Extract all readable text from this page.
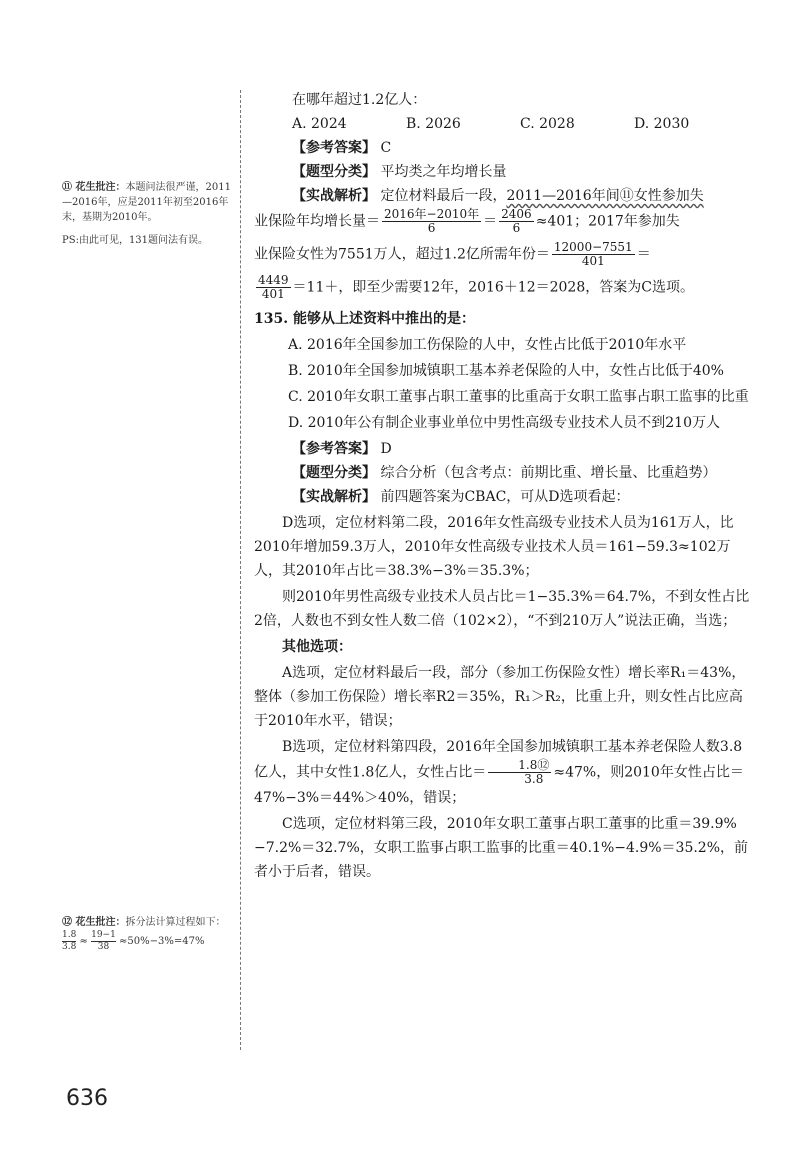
⑪ 花生批注：本题问法很严谨，2011—2016年，应是2011年初至2016年末，基期为2010年。
PS:由此可见，131题问法有误。
⑫ 花生批注：拆分法计算过程如下：

$\frac{1.8}{3.8} \approx \frac{19-1}{38} \approx 50\%-3\%=47\%$
在哪年超过1.2亿人：
A. 2024	B. 2026	C. 2028	D. 2030
【参考答案】 C
【题型分类】 平均类之年均增长量
【实战解析】 定位材料最后一段，2011—2016年间⑪女性参加失
业保险年均增长量＝ $\frac{\text{2016年−2010年}}{6} = \frac{2406}{6} \approx 401$；2017年参加失
业保险女性为7551万人，超过1.2亿所需年份＝ $\frac{12000-7551}{401}$ ＝
$\frac{4449}{401} =11+$，即至少需要12年，2016＋12＝2028，答案为C选项。
135. 能够从上述资料中推出的是：
A. 2016年全国参加工伤保险的人中，女性占比低于2010年水平
B. 2010年全国参加城镇职工基本养老保险的人中，女性占比低于40%
C. 2010年女职工董事占职工董事的比重高于女职工监事占职工监事的比重
D. 2010年公有制企业事业单位中男性高级专业技术人员不到210万人
【参考答案】 D
【题型分类】 综合分析（包含考点：前期比重、增长量、比重趋势）
【实战解析】 前四题答案为CBAC，可从D选项看起：
D选项，定位材料第二段，2016年女性高级专业技术人员为161万人，比2010年增加59.3万人，2010年女性高级专业技术人员＝161−59.3≈102万人，其2010年占比＝38.3%−3%＝35.3%；
则2010年男性高级专业技术人员占比＝1−35.3%＝64.7%，不到女性占比2倍，人数也不到女性人数二倍（102×2），“不到210万人”说法正确，当选；
其他选项：
A选项，定位材料最后一段，部分（参加工伤保险女性）增长率R₁＝43%，整体（参加工伤保险）增长率R2＝35%，R₁＞R₂，比重上升，则女性占比应高于2010年水平，错误；
B选项，定位材料第四段，2016年全国参加城镇职工基本养老保险人数3.8亿人，其中女性1.8亿人，女性占比＝ $\frac{\text{1.8⑫}}{3.8} \approx 47\%$，则2010年女性占比＝47%−3%＝44%＞40%，错误；
C选项，定位材料第三段，2010年女职工董事占职工董事的比重＝39.9%−7.2%＝32.7%，女职工监事占职工监事的比重＝40.1%−4.9%＝35.2%，前者小于后者，错误。
636
